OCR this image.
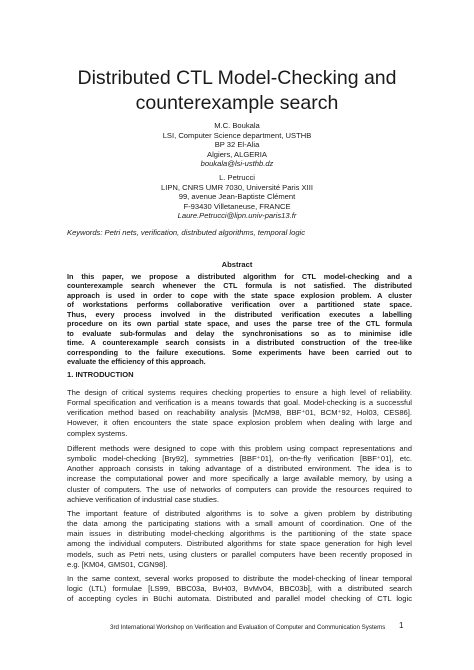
Distributed CTL Model-Checking and
counterexample search
M.C. Boukala
LSI, Computer Science department, USTHB
BP 32 El-Alia
Algiers, ALGERIA
boukala@lsi-usthb.dz
L. Petrucci
LIPN, CNRS UMR 7030, Université Paris XIII
99, avenue Jean-Baptiste Clément
F-93430 Villetaneuse, FRANCE
Laure.Petrucci@lipn.univ-paris13.fr
Keywords: Petri nets, verification, distributed algorithms, temporal logic
Abstract
In this paper, we propose a distributed algorithm for CTL model-checking and a
counterexample search whenever the CTL formula is not satisfied. The distributed
approach is used in order to cope with the state space explosion problem. A cluster
of workstations performs collaborative verification over a partitioned state space.
Thus, every process involved in the distributed verification executes a labelling
procedure on its own partial state space, and uses the parse tree of the CTL formula
to evaluate sub-formulas and delay the synchronisations so as to minimise idle
time. A counterexample search consists in a distributed construction of the tree-like
corresponding to the failure executions. Some experiments have been carried out to
evaluate the efficiency of this approach.
1. INTRODUCTION
The design of critical systems requires checking properties to ensure a high level of reliability.
Formal specification and verification is a means towards that goal. Model-checking is a successful
verification method based on reachability analysis [McM98, BBF⁺01, BCM⁺92, Hol03, CES86].
However, it often encounters the state space explosion problem when dealing with large and
complex systems.
Different methods were designed to cope with this problem using compact representations and
symbolic model-checking [Bry92], symmetries [BBF⁺01], on-the-fly verification [BBF⁺01], etc.
Another approach consists in taking advantage of a distributed environment. The idea is to
increase the computational power and more specifically a large available memory, by using a
cluster of computers. The use of networks of computers can provide the resources required to
achieve verification of industrial case studies.
The important feature of distributed algorithms is to solve a given problem by distributing
the data among the participating stations with a small amount of coordination. One of the
main issues in distributing model-checking algorithms is the partitioning of the state space
among the individual computers. Distributed algorithms for state space generation for high level
models, such as Petri nets, using clusters or parallel computers have been recently proposed in
e.g. [KM04, GMS01, CGN98].
In the same context, several works proposed to distribute the model-checking of linear temporal
logic (LTL) formulae [LS99, BBC03a, BvH03, BvMv04, BBC03b], with a distributed search
of accepting cycles in Büchi automata. Distributed and parallel model checking of CTL logic
3rd International Workshop on Verification and Evaluation of Computer and Communication Systems 1
